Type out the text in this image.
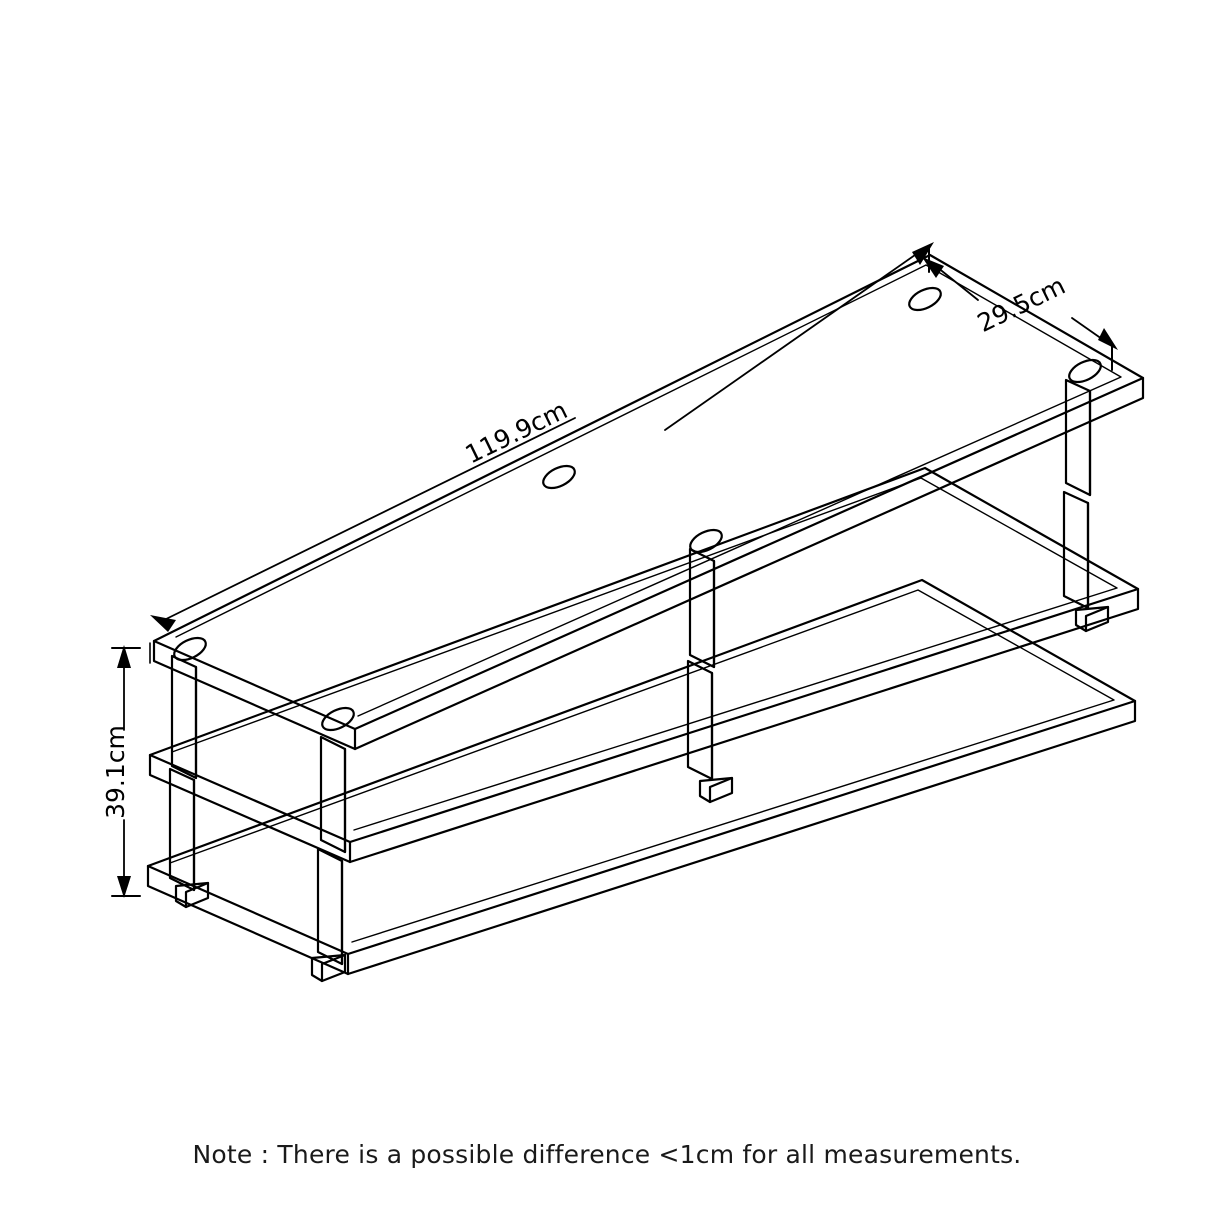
119.9cm
29.5cm
39.1cm
Note : There is a possible difference <1cm for all measurements.
